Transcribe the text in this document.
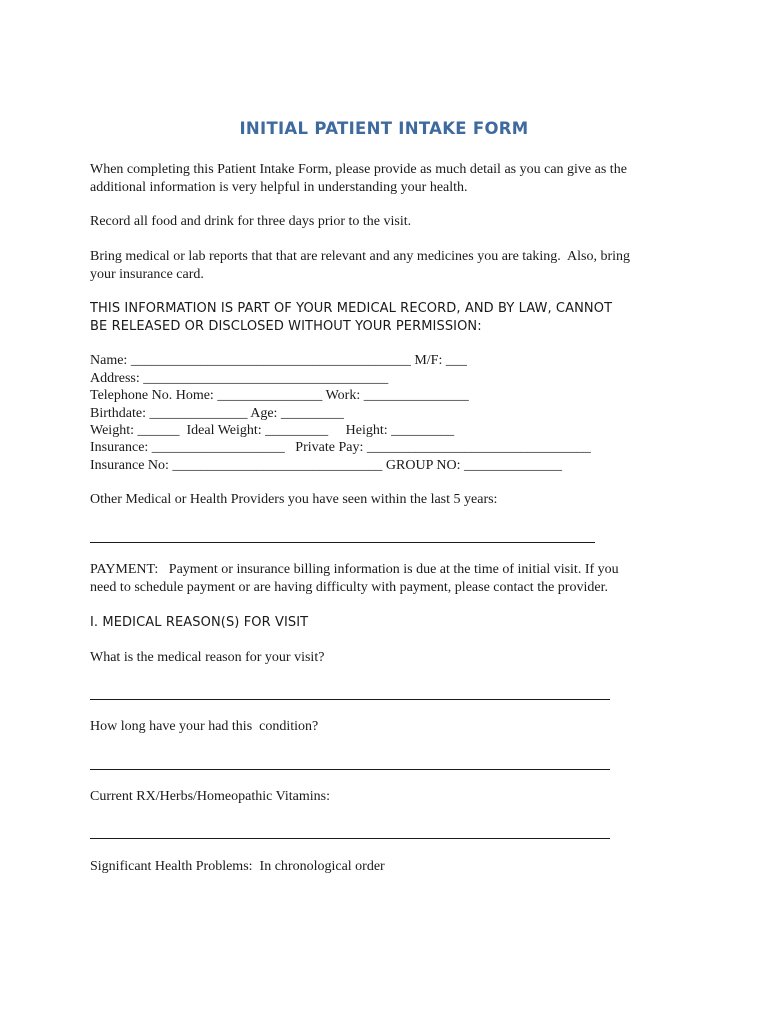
INITIAL PATIENT INTAKE FORM

When completing this Patient Intake Form, please provide as much detail as you can give as the

additional information is very helpful in understanding your health.

Record all food and drink for three days prior to the visit.

Bring medical or lab reports that that are relevant and any medicines you are taking.  Also, bring

your insurance card.

THIS INFORMATION IS PART OF YOUR MEDICAL RECORD, AND BY LAW, CANNOT

BE RELEASED OR DISCLOSED WITHOUT YOUR PERMISSION:

Name: ________________________________________ M/F: ___

Address: ___________________________________

Telephone No. Home: _______________ Work: _______________

Birthdate: ______________ Age: _________

Weight: ______  Ideal Weight: _________     Height: _________

Insurance: ___________________   Private Pay: ________________________________

Insurance No: ______________________________ GROUP NO: ______________

Other Medical or Health Providers you have seen within the last 5 years:

PAYMENT:   Payment or insurance billing information is due at the time of initial visit. If you

need to schedule payment or are having difficulty with payment, please contact the provider.

I. MEDICAL REASON(S) FOR VISIT

What is the medical reason for your visit?

How long have your had this  condition?

Current RX/Herbs/Homeopathic Vitamins:

Significant Health Problems:  In chronological order
